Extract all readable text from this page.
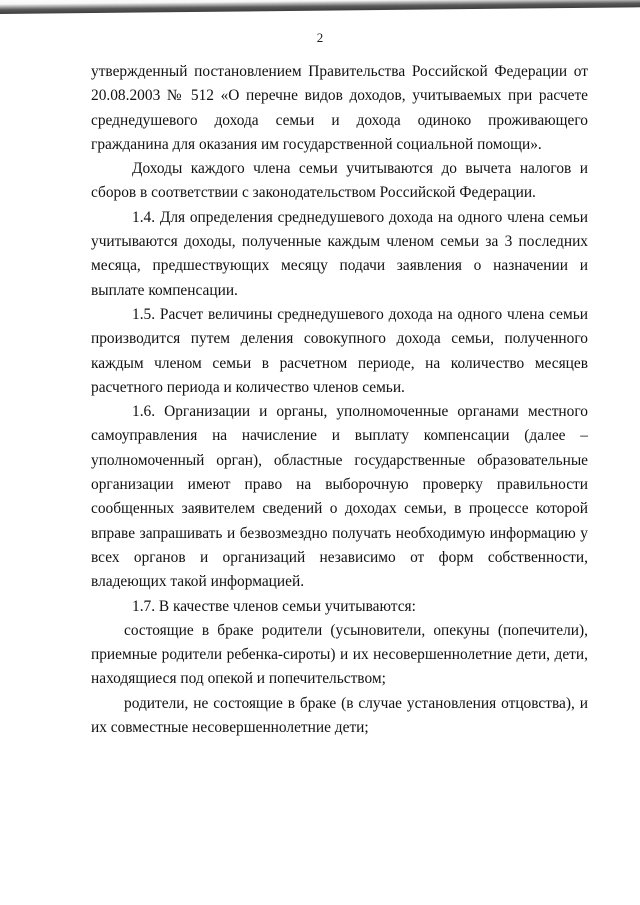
2

утвержденный постановлением Правительства Российской Федерации от 20.08.2003 № 512 «О перечне видов доходов, учитываемых при расчете среднедушевого дохода семьи и дохода одиноко проживающего гражданина для оказания им государственной социальной помощи».

Доходы каждого члена семьи учитываются до вычета налогов и сборов в соответствии с законодательством Российской Федерации.

1.4. Для определения среднедушевого дохода на одного члена семьи учитываются доходы, полученные каждым членом семьи за 3 последних месяца, предшествующих месяцу подачи заявления о назначении и выплате компенсации.

1.5. Расчет величины среднедушевого дохода на одного члена семьи производится путем деления совокупного дохода семьи, полученного каждым членом семьи в расчетном периоде, на количество месяцев расчетного периода и количество членов семьи.

1.6. Организации и органы, уполномоченные органами местного самоуправления на начисление и выплату компенсации (далее – уполномоченный орган), областные государственные образовательные организации имеют право на выборочную проверку правильности сообщенных заявителем сведений о доходах семьи, в процессе которой вправе запрашивать и безвозмездно получать необходимую информацию у всех органов и организаций независимо от форм собственности, владеющих такой информацией.

1.7. В качестве членов семьи учитываются:

состоящие в браке родители (усыновители, опекуны (попечители), приемные родители ребенка-сироты) и их несовершеннолетние дети, дети, находящиеся под опекой и попечительством;

родители, не состоящие в браке (в случае установления отцовства), и их совместные несовершеннолетние дети;
